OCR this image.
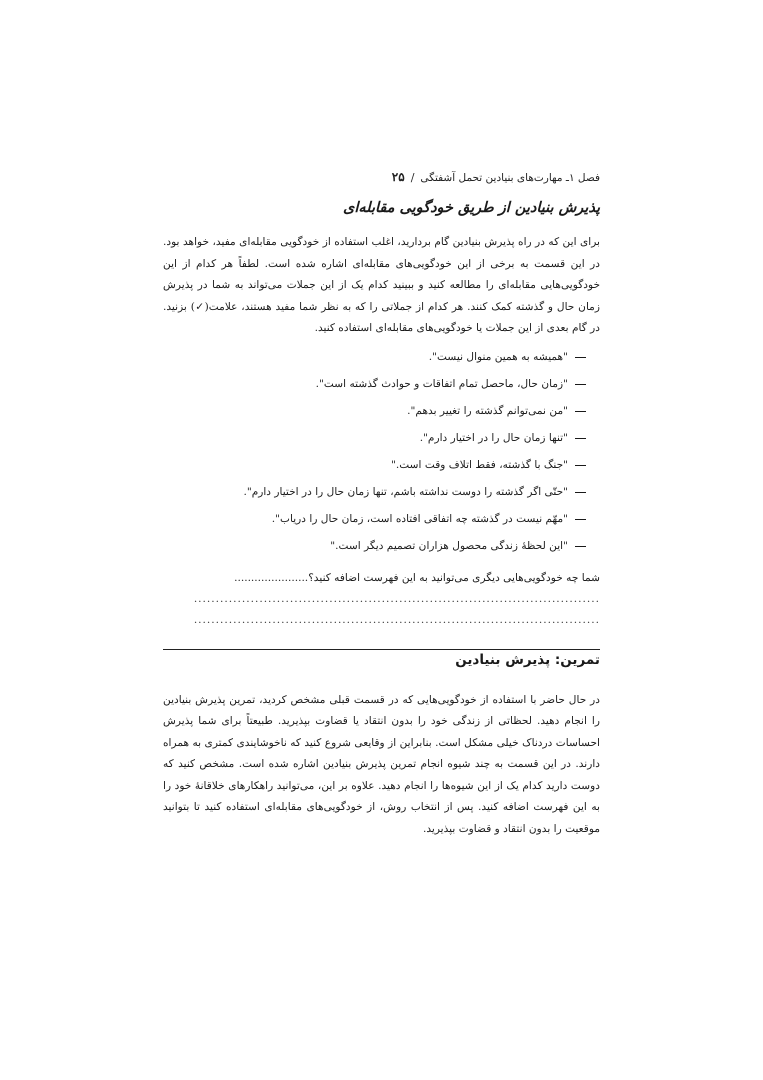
فصل ۱ـ مهارت‌های بنیادین تحمل آشفتگی
/
۲۵
پذیرش بنیادین از طریق خودگویی مقابله‌ای

برای این که در راه پذیرش بنیادین گام بردارید، اغلب استفاده از خودگویی مقابله‌ای مفید، خواهد بود. در این قسمت به برخی از این خودگویی‌های مقابله‌ای اشاره شده است. لطفاً هر کدام از این خودگویی‌هایی مقابله‌ای را مطالعه کنید و ببینید کدام یک از این جملات می‌تواند به شما در پذیرش زمان حال و گذشته کمک کنند. هر کدام از جملاتی را که به نظر شما مفید هستند، علامت(✓) بزنید. در گام بعدی از این جملات یا خودگویی‌های مقابله‌ای استفاده کنید.

"همیشه به همین منوال نیست".
"زمان حال، ماحصل تمام اتفاقات و حوادث گذشته است".
"من نمی‌توانم گذشته را تغییر بدهم".
"تنها زمان حال را در اختیار دارم".
"جنگ با گذشته، فقط اتلاف وقت است."
"حتّی اگر گذشته را دوست نداشته باشم، تنها زمان حال را در اختیار دارم".
"مهّم نیست در گذشته چه اتفاقی افتاده است، زمان حال را دریاب".
"این لحظهٔ زندگی محصول هزاران تصمیم دیگر است."

شما چه خودگویی‌هایی دیگری می‌توانید به این فهرست اضافه کنید؟......................

.............................................................................................

.............................................................................................

تمرین: پذیرش بنیادین

در حال حاضر با استفاده از خودگویی‌هایی که در قسمت قبلی مشخص کردید، تمرین پذیرش بنیادین را انجام دهید. لحظاتی از زندگی خود را بدون انتقاد یا قضاوت بپذیرید. طبیعتاً برای شما پذیرش احساسات دردناک خیلی مشکل است. بنابراین از وقایعی شروع کنید که ناخوشایندی کمتری به همراه دارند. در این قسمت به چند شیوه انجام تمرین پذیرش بنیادین اشاره شده است. مشخص کنید که دوست دارید کدام یک از این شیوه‌ها را انجام دهید. علاوه بر این، می‌توانید راهکارهای خلاقانهٔ خود را به این فهرست اضافه کنید. پس از انتخاب روش، از خودگویی‌های مقابله‌ای استفاده کنید تا بتوانید موقعیت را بدون انتقاد و قضاوت بپذیرید.
